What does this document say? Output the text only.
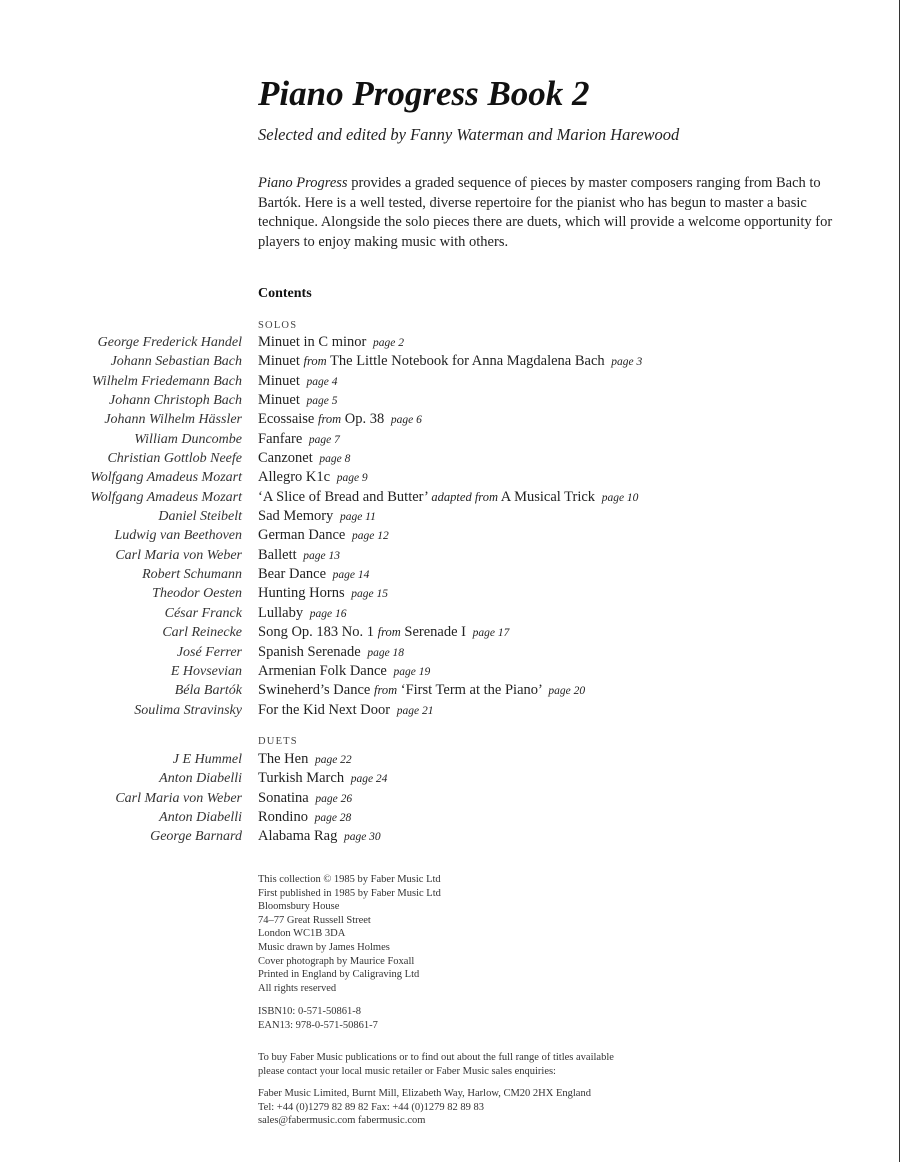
Piano Progress Book 2

Selected and edited by Fanny Waterman and Marion Harewood

Piano Progress provides a graded sequence of pieces by master composers ranging from Bach to Bartók. Here is a well tested, diverse repertoire for the pianist who has begun to master a basic technique. Alongside the solo pieces there are duets, which will provide a welcome opportunity for players to enjoy making music with others.

Contents
SOLOS
George Frederick Handel Minuet in C minor page 2
Johann Sebastian Bach Minuet from The Little Notebook for Anna Magdalena Bach page 3
Wilhelm Friedemann Bach Minuet page 4
Johann Christoph Bach Minuet page 5
Johann Wilhelm Hässler Ecossaise from Op. 38 page 6
William Duncombe Fanfare page 7
Christian Gottlob Neefe Canzonet page 8
Wolfgang Amadeus Mozart Allegro K1c page 9
Wolfgang Amadeus Mozart ‘A Slice of Bread and Butter’ adapted from A Musical Trick page 10
Daniel Steibelt Sad Memory page 11
Ludwig van Beethoven German Dance page 12
Carl Maria von Weber Ballett page 13
Robert Schumann Bear Dance page 14
Theodor Oesten Hunting Horns page 15
César Franck Lullaby page 16
Carl Reinecke Song Op. 183 No. 1 from Serenade I page 17
José Ferrer Spanish Serenade page 18
E Hovsevian Armenian Folk Dance page 19
Béla Bartók Swineherd’s Dance from ‘First Term at the Piano’ page 20
Soulima Stravinsky For the Kid Next Door page 21
DUETS
J E Hummel The Hen page 22
Anton Diabelli Turkish March page 24
Carl Maria von Weber Sonatina page 26
Anton Diabelli Rondino page 28
George Barnard Alabama Rag page 30
This collection © 1985 by Faber Music Ltd
First published in 1985 by Faber Music Ltd
Bloomsbury House
74–77 Great Russell Street
London WC1B 3DA
Music drawn by James Holmes
Cover photograph by Maurice Foxall
Printed in England by Caligraving Ltd
All rights reserved
ISBN10: 0-571-50861-8
EAN13: 978-0-571-50861-7
To buy Faber Music publications or to find out about the full range of titles available
please contact your local music retailer or Faber Music sales enquiries:
Faber Music Limited, Burnt Mill, Elizabeth Way, Harlow, CM20 2HX England
Tel: +44 (0)1279 82 89 82 Fax: +44 (0)1279 82 89 83
sales@fabermusic.com fabermusic.com
